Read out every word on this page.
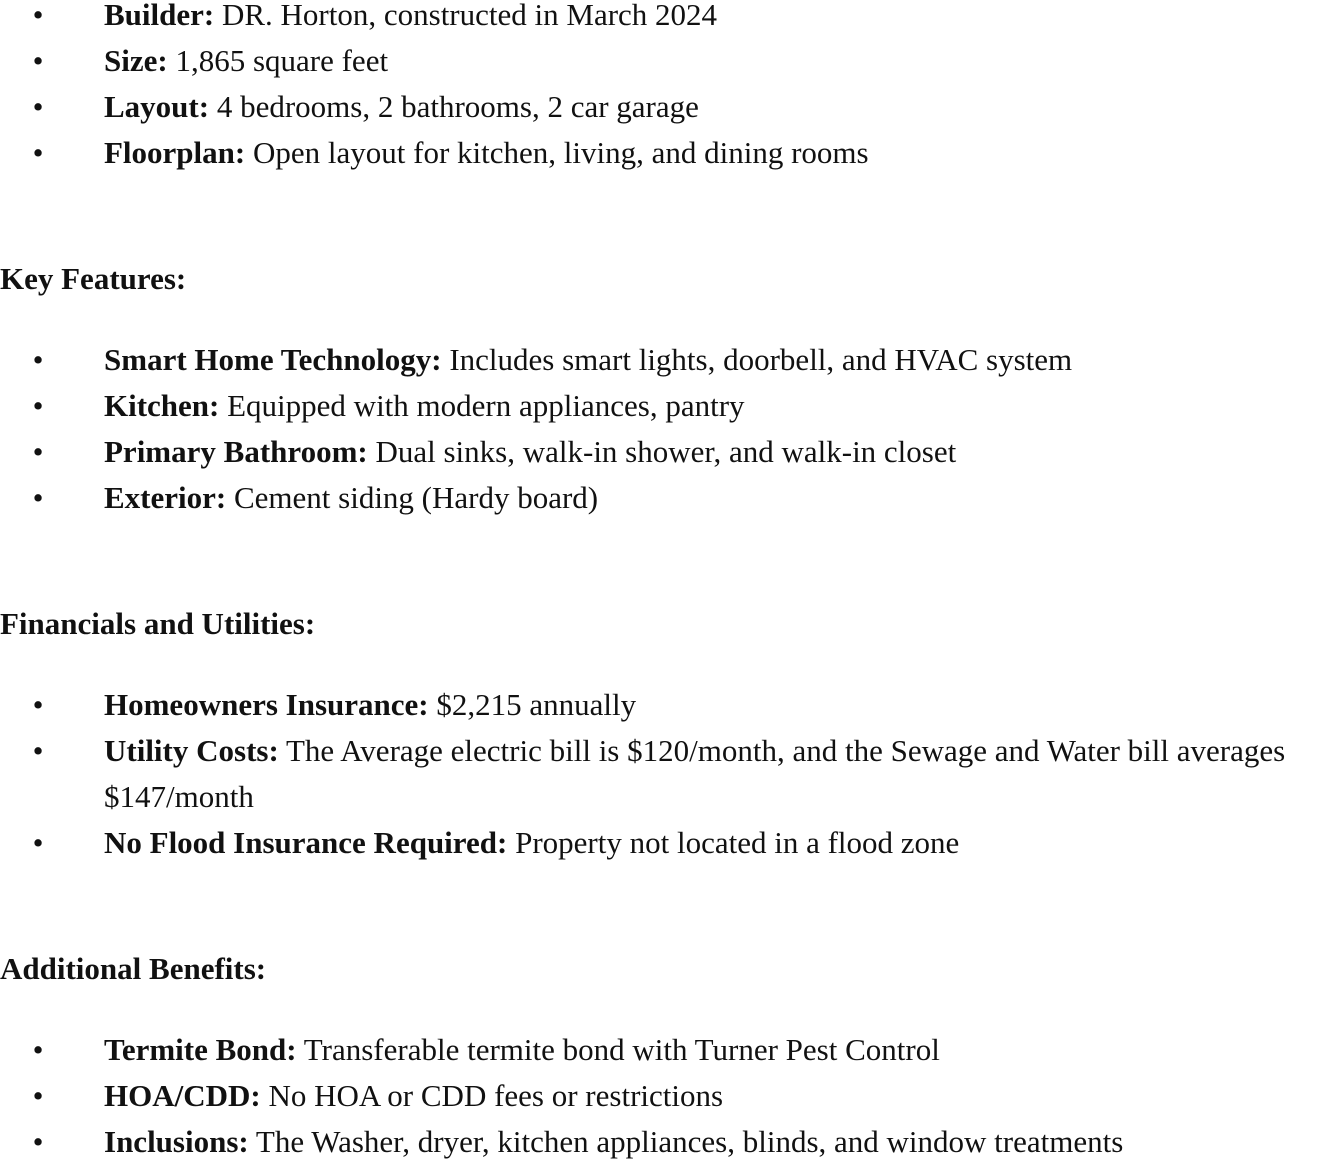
• Builder: DR. Horton, constructed in March 2024
• Size: 1,865 square feet
• Layout: 4 bedrooms, 2 bathrooms, 2 car garage
• Floorplan: Open layout for kitchen, living, and dining rooms
Key Features:
• Smart Home Technology: Includes smart lights, doorbell, and HVAC system
• Kitchen: Equipped with modern appliances, pantry
• Primary Bathroom: Dual sinks, walk-in shower, and walk-in closet
• Exterior: Cement siding (Hardy board)
Financials and Utilities:
• Homeowners Insurance: $2,215 annually
• Utility Costs: The Average electric bill is $120/month, and the Sewage and Water bill averages $147/month
• No Flood Insurance Required: Property not located in a flood zone
Additional Benefits:
• Termite Bond: Transferable termite bond with Turner Pest Control
• HOA/CDD: No HOA or CDD fees or restrictions
• Inclusions: The Washer, dryer, kitchen appliances, blinds, and window treatments
